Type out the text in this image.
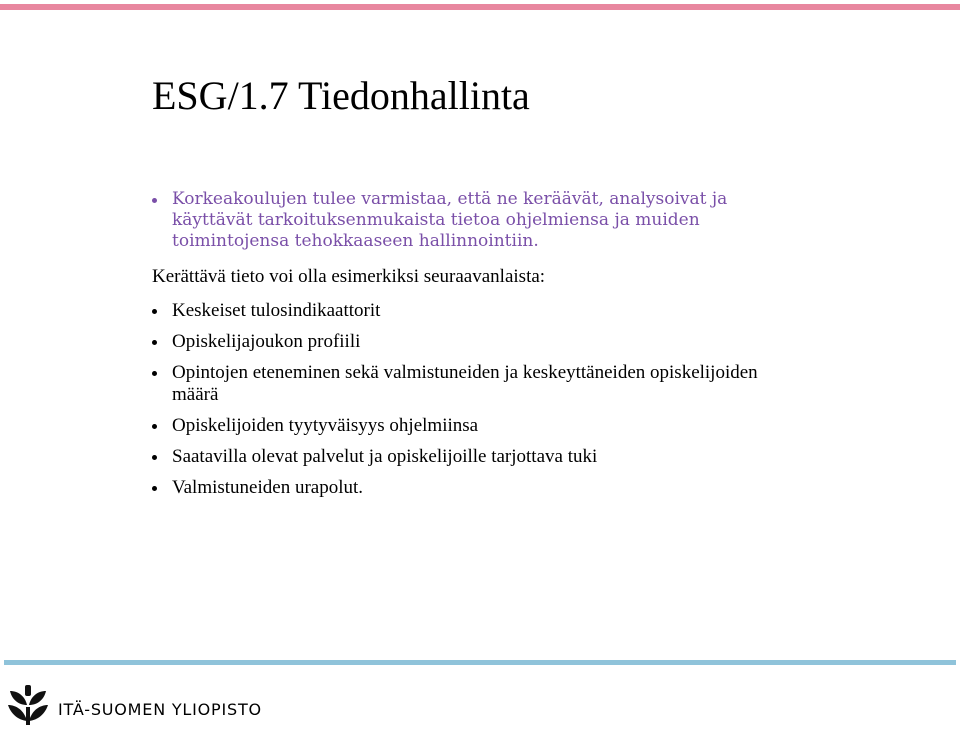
ESG/1.7 Tiedonhallinta
Korkeakoulujen tulee varmistaa, että ne keräävät, analysoivat ja käyttävät tarkoituksenmukaista tietoa ohjelmiensa ja muiden toimintojensa tehokkaaseen hallinnointiin.
Kerättävä tieto voi olla esimerkiksi seuraavanlaista:
Keskeiset tulosindikaattorit
Opiskelijajoukon profiili
Opintojen eteneminen sekä valmistuneiden ja keskeyttäneiden opiskelijoiden määrä
Opiskelijoiden tyytyväisyys ohjelmiinsa
Saatavilla olevat palvelut ja opiskelijoille tarjottava tuki
Valmistuneiden urapolut.
ITÄ-SUOMEN YLIOPISTO
